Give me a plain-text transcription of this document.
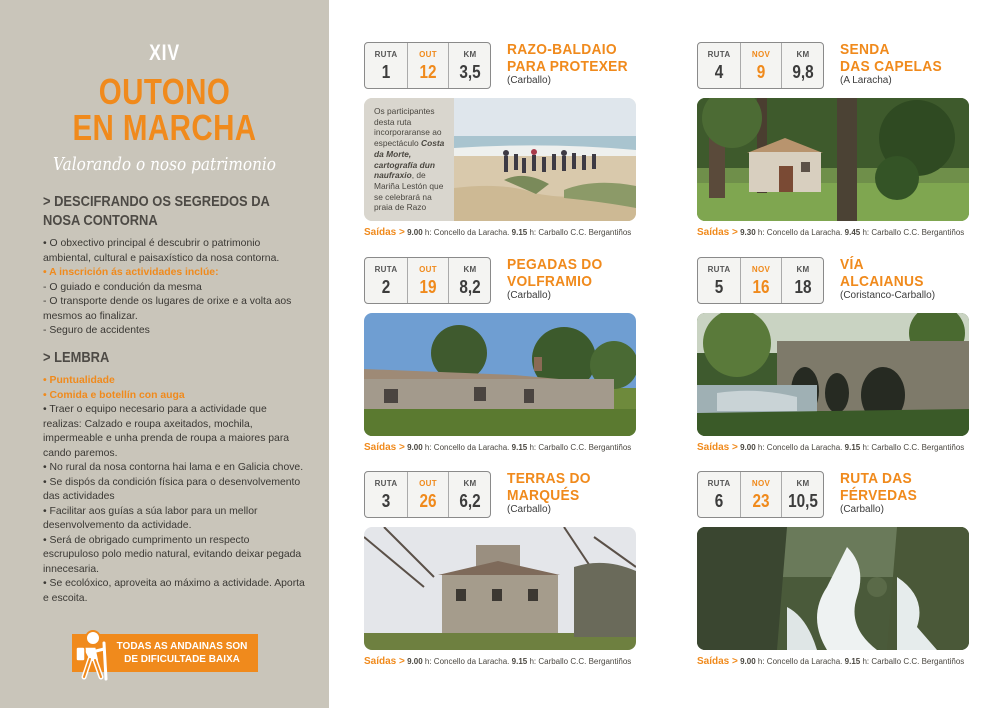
XIV
OUTONO
EN MARCHA
Valorando o noso patrimonio
> DESCIFRANDO OS SEGREDOS DA
NOSA CONTORNA
• O obxectivo principal é descubrir o patrimonio ambiental, cultural e paisaxístico da nosa contorna.
• A inscrición ás actividades inclúe:
- O guiado e condución da mesma
- O transporte dende os lugares de orixe e a volta aos mesmos ao finalizar.
- Seguro de accidentes
> LEMBRA
• Puntualidade
• Comida e botellín con auga
• Traer o equipo necesario para a actividade que realizas: Calzado e roupa axeitados, mochila, impermeable e unha prenda de roupa a maiores para cando paremos.
• No rural da nosa contorna hai lama e en Galicia chove.
• Se dispós da condición física para o desenvolvemento das actividades
• Facilitar aos guías a súa labor para un mellor desenvolvemento da actividade.
• Será de obrigado cumprimento un respecto escrupuloso polo medio natural, evitando deixar pegada innecesaria.
• Se ecolóxico, aproveita ao máximo a actividade. Aporta e escoita.
TODAS AS ANDAINAS SON
DE DIFICULTADE BAIXA
RUTA
1
OUT
12
KM
3,5
RAZO-BALDAIO
PARA PROTEXER
(Carballo)
Os participantes desta ruta incorporaranse ao espectáculo Costa da Morte, cartografía dun naufraxio, de Mariña Lestón que se celebrará na praia de Razo
Saídas > 9.00 h: Concello da Laracha. 9.15 h: Carballo C.C. Bergantiños
RUTA
4
NOV
9
KM
9,8
SENDA
DAS CAPELAS
(A Laracha)
Saídas > 9.30 h: Concello da Laracha. 9.45 h: Carballo C.C. Bergantiños
RUTA
2
OUT
19
KM
8,2
PEGADAS DO
VOLFRAMIO
(Carballo)
Saídas > 9.00 h: Concello da Laracha. 9.15 h: Carballo C.C. Bergantiños
RUTA
5
NOV
16
KM
18
VÍA
ALCAIANUS
(Coristanco-Carballo)
Saídas > 9.00 h: Concello da Laracha. 9.15 h: Carballo C.C. Bergantiños
RUTA
3
OUT
26
KM
6,2
TERRAS DO
MARQUÉS
(Carballo)
Saídas > 9.00 h: Concello da Laracha. 9.15 h: Carballo C.C. Bergantiños
RUTA
6
NOV
23
KM
10,5
RUTA DAS
FÉRVEDAS
(Carballo)
Saídas > 9.00 h: Concello da Laracha. 9.15 h: Carballo C.C. Bergantiños
